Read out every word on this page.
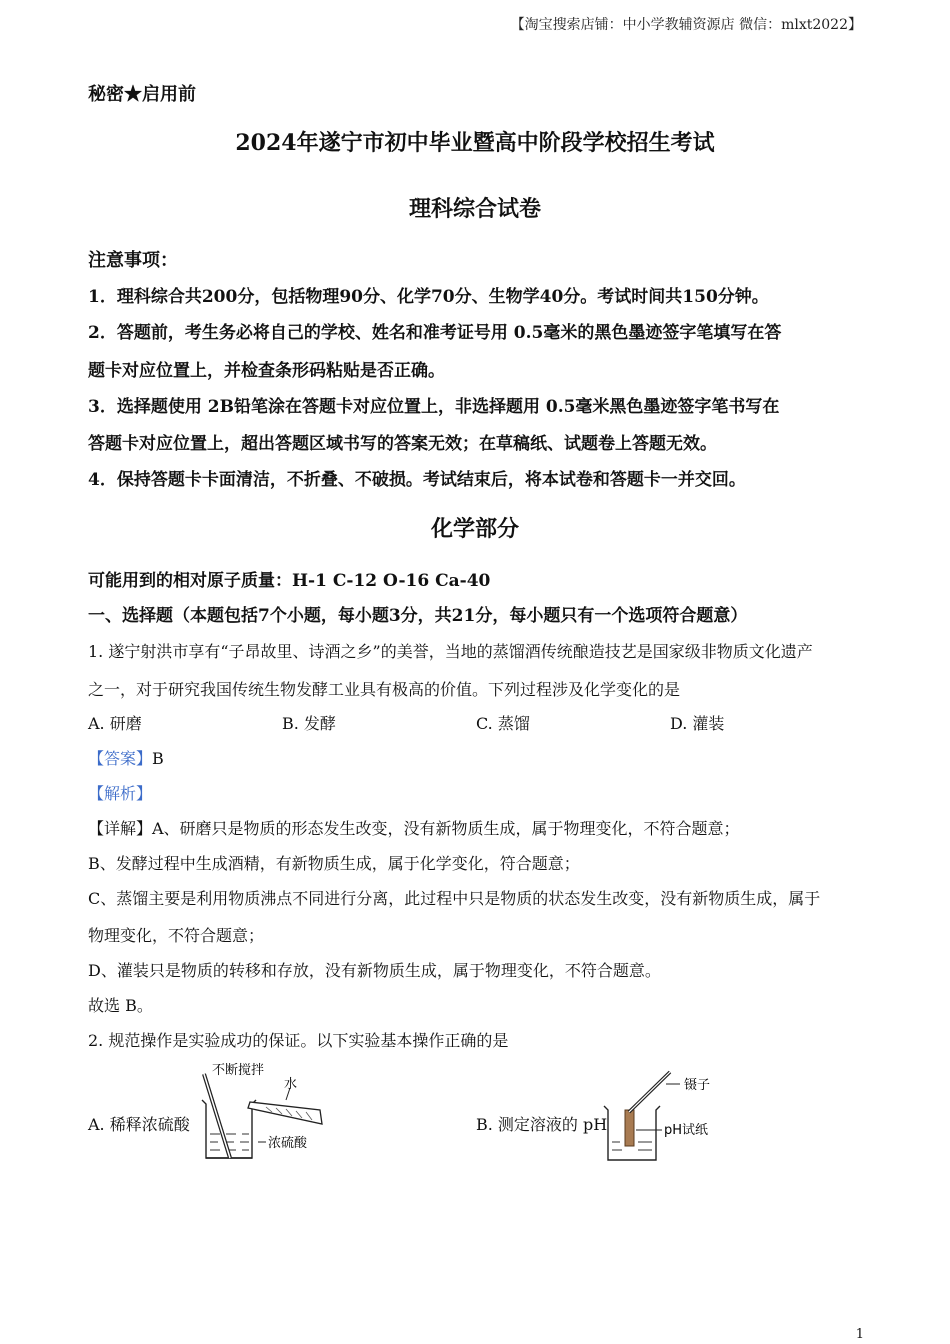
【淘宝搜索店铺：中小学教辅资源店 微信：mlxt2022】
秘密★启用前
2024年遂宁市初中毕业暨高中阶段学校招生考试
理科综合试卷
注意事项：
1．理科综合共200分，包括物理90分、化学70分、生物学40分。考试时间共150分钟。
2．答题前，考生务必将自己的学校、姓名和准考证号用 0.5毫米的黑色墨迹签字笔填写在答
题卡对应位置上，并检查条形码粘贴是否正确。
3．选择题使用 2B铅笔涂在答题卡对应位置上，非选择题用 0.5毫米黑色墨迹签字笔书写在
答题卡对应位置上，超出答题区域书写的答案无效；在草稿纸、试题卷上答题无效。
4．保持答题卡卡面清洁，不折叠、不破损。考试结束后，将本试卷和答题卡一并交回。
化学部分
可能用到的相对原子质量：H-1 C-12 O-16 Ca-40
一、选择题（本题包括7个小题，每小题3分，共21分，每小题只有一个选项符合题意）
1. 遂宁射洪市享有“子昂故里、诗酒之乡”的美誉，当地的蒸馏酒传统酿造技艺是国家级非物质文化遗产
之一，对于研究我国传统生物发酵工业具有极高的价值。下列过程涉及化学变化的是
A. 研磨	B. 发酵	C. 蒸馏	D. 灌装
【答案】B
【解析】
【详解】A、研磨只是物质的形态发生改变，没有新物质生成，属于物理变化，不符合题意；
B、发酵过程中生成酒精，有新物质生成，属于化学变化，符合题意；
C、蒸馏主要是利用物质沸点不同进行分离，此过程中只是物质的状态发生改变，没有新物质生成，属于
物理变化，不符合题意；
D、灌装只是物质的转移和存放，没有新物质生成，属于物理变化，不符合题意。
故选 B。
2. 规范操作是实验成功的保证。以下实验基本操作正确的是
A. 稀释浓硫酸
不断搅拌
水
浓硫酸
B. 测定溶液的 pH
镊子
pH试纸
1
